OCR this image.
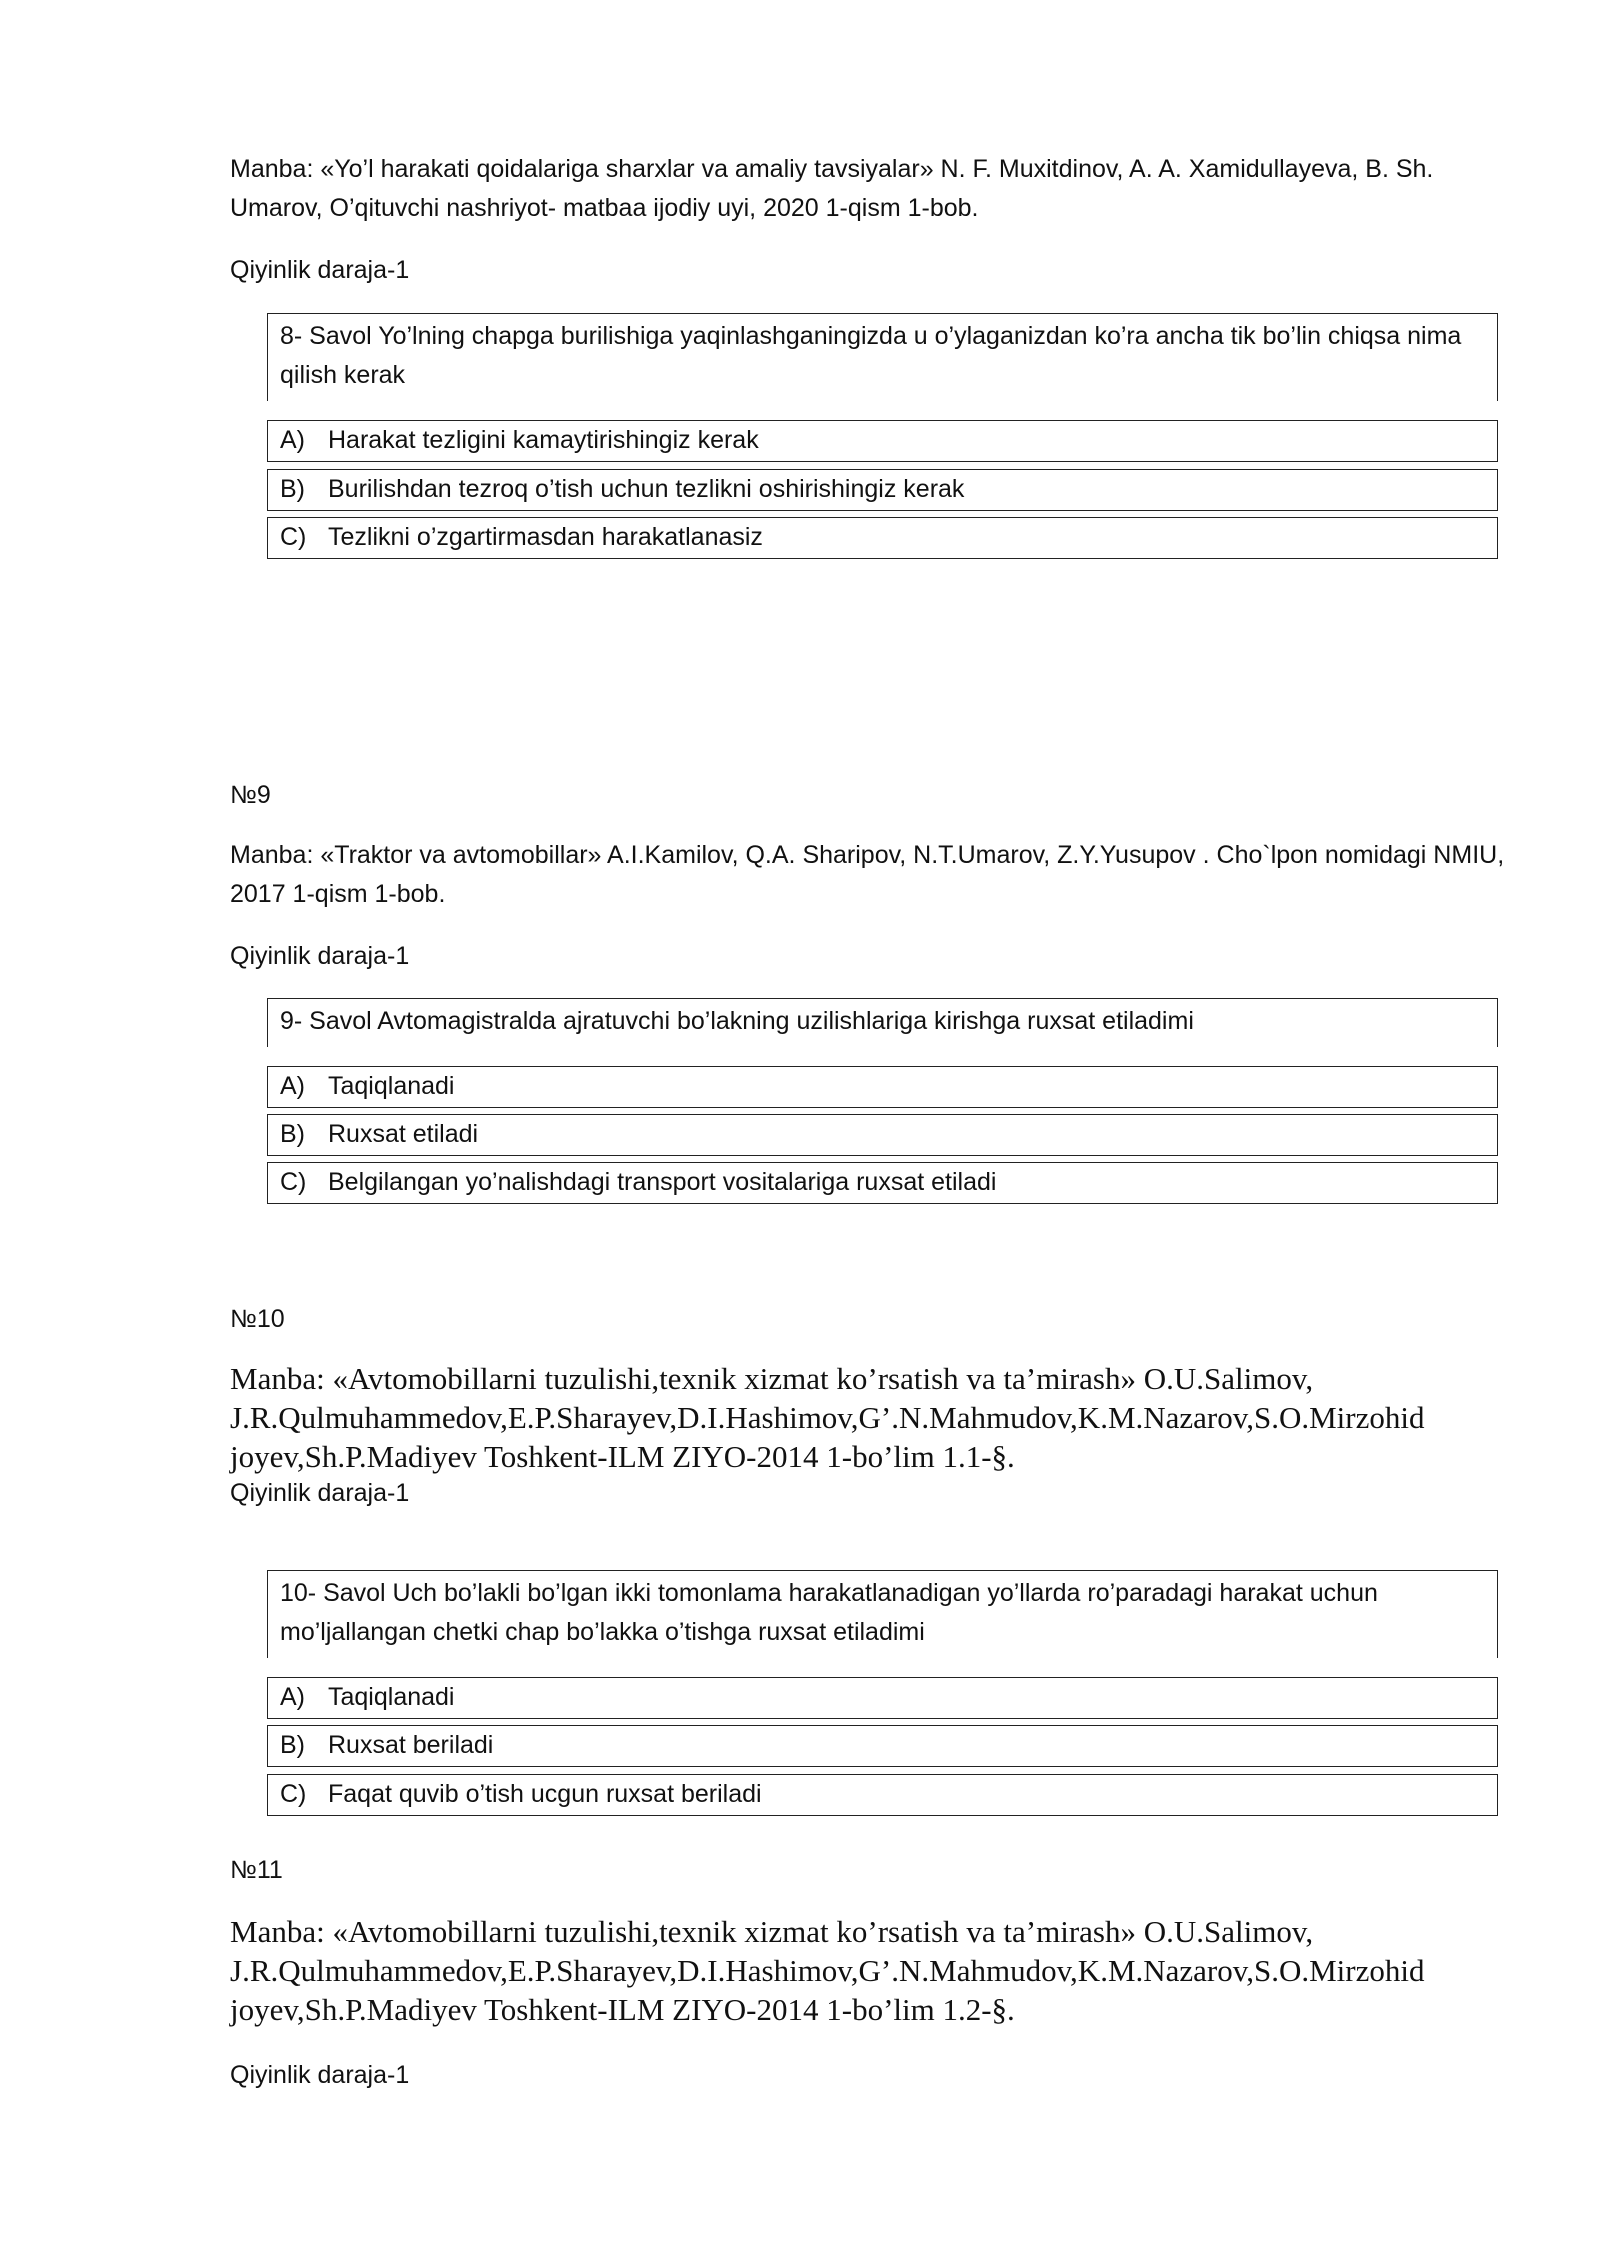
Manba: «Yo’l harakati qoidalariga sharxlar va amaliy tavsiyalar» N. F. Muxitdinov, A. A. Xamidullayeva, B. Sh. Umarov, O’qituvchi nashriyot- matbaa ijodiy uyi, 2020 1-qism 1-bob.

Qiyinlik daraja-1

8- Savol Yo’lning chapga burilishiga yaqinlashganingizda u o’ylaganizdan ko’ra ancha tik bo’lin chiqsa nima qilish kerak
A) Harakat tezligini kamaytirishingiz kerak
B) Burilishdan tezroq o’tish uchun tezlikni oshirishingiz kerak
C) Tezlikni o’zgartirmasdan harakatlanasiz

№9

Manba: «Traktor va avtomobillar» A.I.Kamilov, Q.A. Sharipov, N.T.Umarov, Z.Y.Yusupov . Cho`lpon nomidagi NMIU, 2017 1-qism 1-bob.

Qiyinlik daraja-1

9- Savol Avtomagistralda ajratuvchi bo’lakning uzilishlariga kirishga ruxsat etiladimi
A) Taqiqlanadi
B) Ruxsat etiladi
C) Belgilangan yo’nalishdagi transport vositalariga ruxsat etiladi

№10

Manba: «Avtomobillarni tuzulishi,texnik xizmat ko’rsatish va ta’mirash» O.U.Salimov,
J.R.Qulmuhammedov,E.P.Sharayev,D.I.Hashimov,G’.N.Mahmudov,K.M.Nazarov,S.O.Mirzohid
joyev,Sh.P.Madiyev Toshkent-ILM ZIYO-2014 1-bo’lim 1.1-§.

Qiyinlik daraja-1

10- Savol Uch bo’lakli bo’lgan ikki tomonlama harakatlanadigan yo’llarda ro’paradagi harakat uchun mo’ljallangan chetki chap bo’lakka o’tishga ruxsat etiladimi
A) Taqiqlanadi
B) Ruxsat beriladi
C) Faqat quvib o’tish ucgun ruxsat beriladi

№11

Manba: «Avtomobillarni tuzulishi,texnik xizmat ko’rsatish va ta’mirash» O.U.Salimov,
J.R.Qulmuhammedov,E.P.Sharayev,D.I.Hashimov,G’.N.Mahmudov,K.M.Nazarov,S.O.Mirzohid
joyev,Sh.P.Madiyev Toshkent-ILM ZIYO-2014 1-bo’lim 1.2-§.

Qiyinlik daraja-1
